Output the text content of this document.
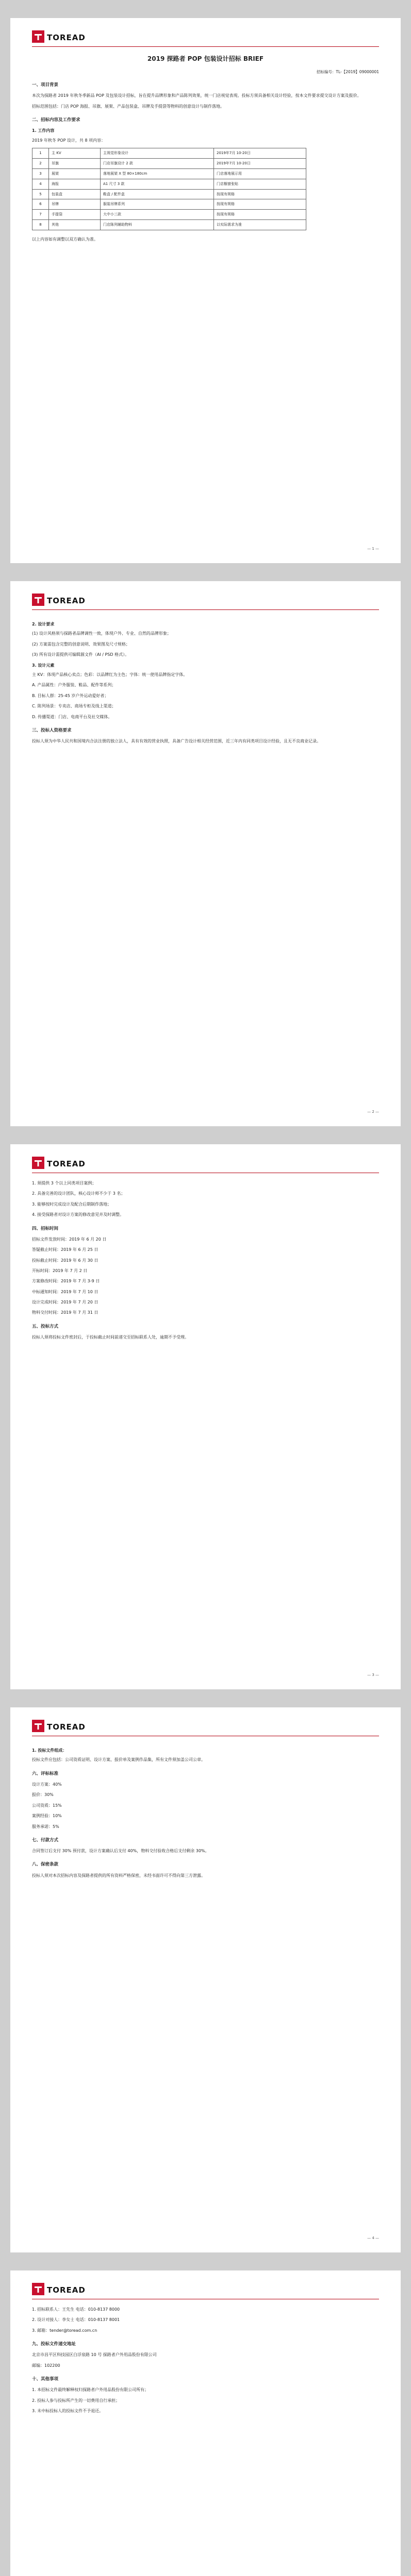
TOREAD
2019 探路者 POP 包装设计招标 BRIEF
招标编号：TL-【2019】09000001
一、项目背景

本次为探路者 2019 年秋冬季新品 POP 及包装设计招标，旨在提升品牌形象和产品陈列效果，统一门店视觉表现。投标方须具备相关设计经验，按本文件要求提交设计方案及报价。

招标范围包括：门店 POP 海报、吊旗、展架、产品包装盒、吊牌及手提袋等物料的创意设计与制作落地。

二、招标内容及工作要求
1. 工作内容

2019 年秋冬 POP 设计，共 8 项内容：

1	主 KV	主视觉形象设计	2019年7月 10-20日
2	吊旗	门店吊旗设计 2 款	2019年7月 10-20日
3	展架	落地展架 X 型 80×180cm	门店落地展示用
4	海报	A1 尺寸 3 款	门店橱窗张贴
5	包装盒	鞋盒 / 配件盒	按现有规格
6	吊牌	服装吊牌系列	按现有规格
7	手提袋	大中小三款	按现有规格
8	其他	门店陈列辅助物料	以实际需求为准

以上内容如有调整以双方确认为准。

— 1 —
TOREAD
2. 设计要求

(1) 设计风格须与探路者品牌调性一致，体现户外、专业、自然的品牌形象；

(2) 方案需包含完整的创意说明、效果图及尺寸规格；

(3) 所有设计需提供可编辑源文件（AI / PSD 格式）。

3. 设计元素

主 KV：体现产品核心卖点；色彩：以品牌红为主色；字体：统一使用品牌指定字体。

A. 产品属性：户外服装、鞋品、配件等系列；

B. 目标人群：25-45 岁户外运动爱好者；

C. 陈列场景：专卖店、商场专柜及线上渠道；

D. 传播渠道：门店、电商平台及社交媒体。

三、投标人资格要求

投标人须为中华人民共和国境内合法注册的独立法人，具有有效的营业执照，具备广告设计相关经营范围，近三年内有同类项目设计经验，且无不良商业记录。

— 2 —
TOREAD

1. 须提供 3 个以上同类项目案例；

2. 具备完善的设计团队，核心设计师不少于 3 名；

3. 能够按时完成设计及配合后期制作落地；

4. 接受探路者对设计方案的修改意见并及时调整。

四、招标时间

招标文件发放时间：2019 年 6 月 20 日

答疑截止时间：2019 年 6 月 25 日

投标截止时间：2019 年 6 月 30 日

开标时间：2019 年 7 月 2 日

方案修改时间：2019 年 7 月 3-9 日

中标通知时间：2019 年 7 月 10 日

设计完成时间：2019 年 7 月 20 日

物料交付时间：2019 年 7 月 31 日

五、投标方式

投标人须将投标文件密封后，于投标截止时间前递交至招标联系人处，逾期不予受理。

— 3 —
TOREAD
1. 投标文件组成：

投标文件应包括：公司资质证明、设计方案、报价单及案例作品集，所有文件须加盖公司公章。

六、评标标准

设计方案：40%

报价：30%

公司资质：15%

案例经验：10%

服务承诺：5%

七、付款方式

合同签订后支付 30% 预付款，设计方案确认后支付 40%，物料交付验收合格后支付剩余 30%。

八、保密条款

投标人须对本次招标内容及探路者提供的所有资料严格保密，未经书面许可不得向第三方泄露。

— 4 —
TOREAD

1. 招标联系人：王先生 电话：010-8137 8000

2. 设计对接人：李女士 电话：010-8137 8001

3. 邮箱：tender@toread.com.cn

九、投标文件递交地址

北京市昌平区科技园区白浮泉路 10 号 探路者户外用品股份有限公司

邮编：102200

十、其他事项

1. 本招标文件最终解释权归探路者户外用品股份有限公司所有；

2. 投标人参与投标所产生的一切费用自行承担；

3. 未中标投标人的投标文件不予退还。
